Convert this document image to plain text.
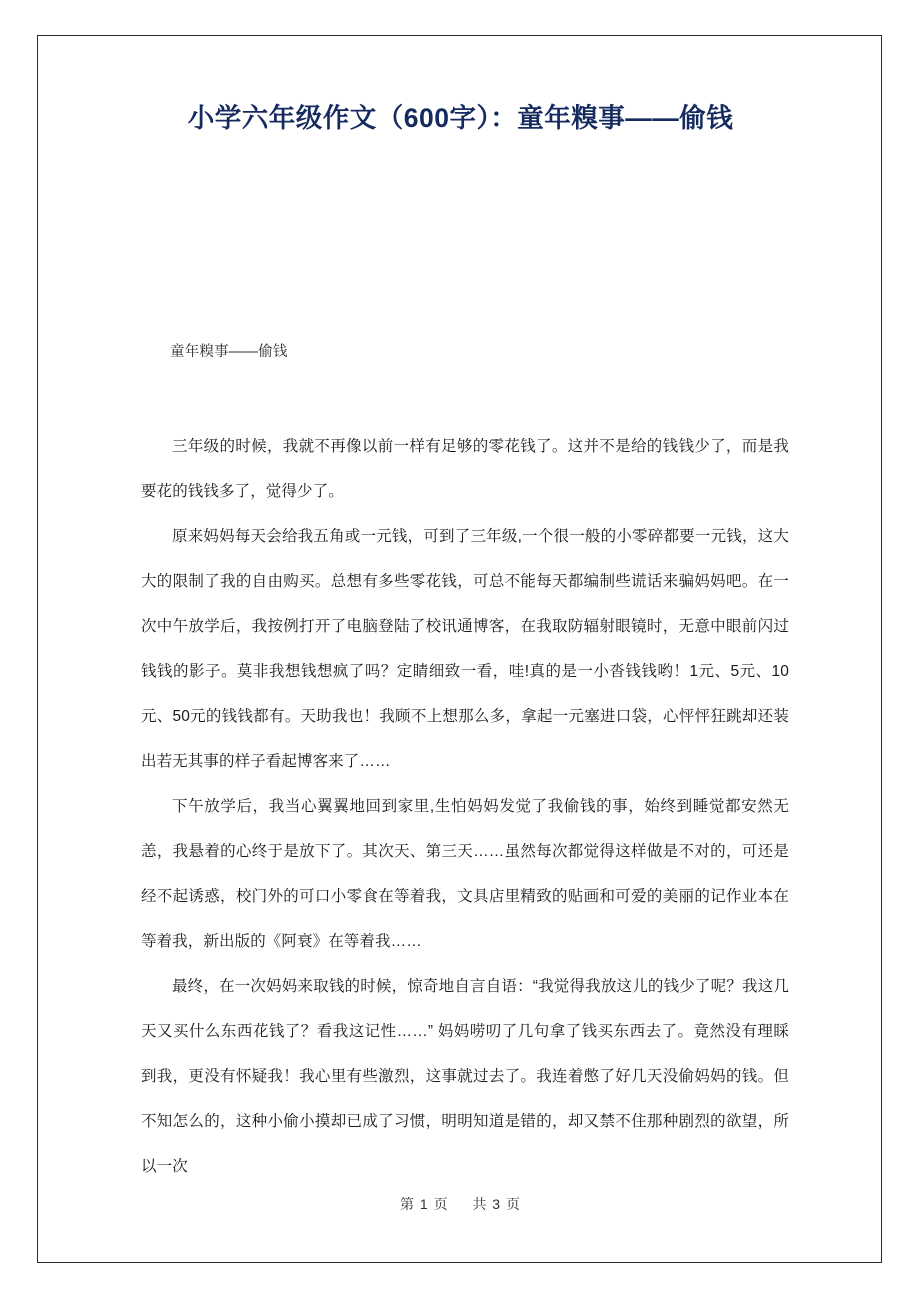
小学六年级作文（600字）：童年糗事——偷钱

童年糗事——偷钱

三年级的时候，我就不再像以前一样有足够的零花钱了。这并不是给的钱钱少了，而是我要花的钱钱多了，觉得少了。

原来妈妈每天会给我五角或一元钱，可到了三年级,一个很一般的小零碎都要一元钱，这大大的限制了我的自由购买。总想有多些零花钱，可总不能每天都编制些谎话来骗妈妈吧。在一次中午放学后，我按例打开了电脑登陆了校讯通博客，在我取防辐射眼镜时，无意中眼前闪过钱钱的影子。莫非我想钱想疯了吗？定睛细致一看，哇!真的是一小沓钱钱哟！1元、5元、10元、50元的钱钱都有。天助我也！我顾不上想那么多，拿起一元塞进口袋，心怦怦狂跳却还装出若无其事的样子看起博客来了……

下午放学后，我当心翼翼地回到家里,生怕妈妈发觉了我偷钱的事，始终到睡觉都安然无恙，我悬着的心终于是放下了。其次天、第三天……虽然每次都觉得这样做是不对的，可还是经不起诱惑，校门外的可口小零食在等着我，文具店里精致的贴画和可爱的美丽的记作业本在等着我，新出版的《阿衰》在等着我……

最终，在一次妈妈来取钱的时候，惊奇地自言自语：“我觉得我放这儿的钱少了呢？我这几天又买什么东西花钱了？看我这记性……” 妈妈唠叨了几句拿了钱买东西去了。竟然没有理睬到我，更没有怀疑我！我心里有些激烈，这事就过去了。我连着憋了好几天没偷妈妈的钱。但不知怎么的，这种小偷小摸却已成了习惯，明明知道是错的，却又禁不住那种剧烈的欲望，所以一次

第 1 页 共 3 页
